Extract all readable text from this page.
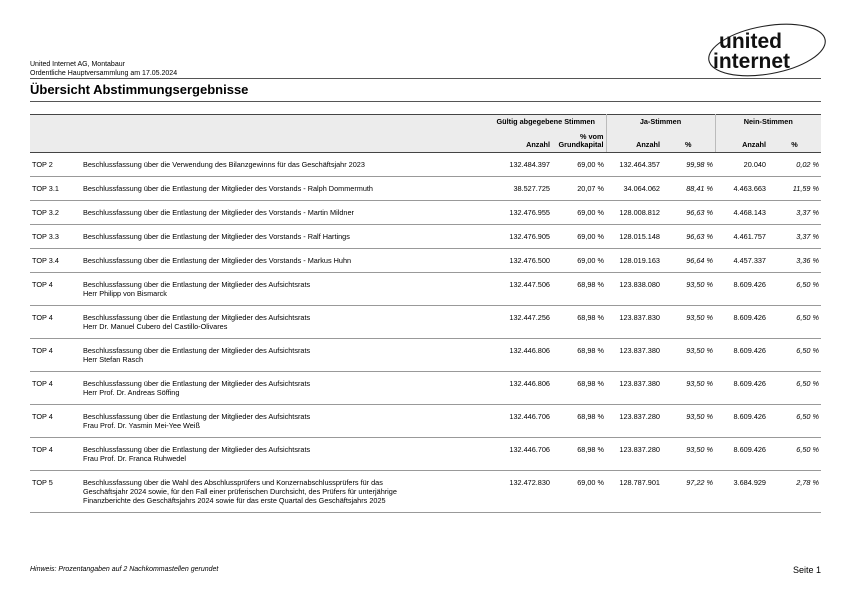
United Internet AG, Montabaur
Ordentliche Hauptversammlung am 17.05.2024
Übersicht Abstimmungsergebnisse
united
internet
		Gültig abgegebene Stimmen		Ja-Stimmen		Nein-Stimmen	
		Anzahl	% vom Grundkapital	Anzahl	%	Anzahl	%
TOP 2	Beschlussfassung über die Verwendung des Bilanzgewinns für das Geschäftsjahr 2023	132.484.397	69,00 %	132.464.357	99,98 %	20.040	0,02 %
TOP 3.1	Beschlussfassung über die Entlastung der Mitglieder des Vorstands - Ralph Dommermuth	38.527.725	20,07 %	34.064.062	88,41 %	4.463.663	11,59 %
TOP 3.2	Beschlussfassung über die Entlastung der Mitglieder des Vorstands - Martin Mildner	132.476.955	69,00 %	128.008.812	96,63 %	4.468.143	3,37 %
TOP 3.3	Beschlussfassung über die Entlastung der Mitglieder des Vorstands - Ralf Hartings	132.476.905	69,00 %	128.015.148	96,63 %	4.461.757	3,37 %
TOP 3.4	Beschlussfassung über die Entlastung der Mitglieder des Vorstands - Markus Huhn	132.476.500	69,00 %	128.019.163	96,64 %	4.457.337	3,36 %
TOP 4	Beschlussfassung über die Entlastung der Mitglieder des Aufsichtsrats
Herr Philipp von Bismarck	132.447.506	68,98 %	123.838.080	93,50 %	8.609.426	6,50 %
TOP 4	Beschlussfassung über die Entlastung der Mitglieder des Aufsichtsrats
Herr Dr. Manuel Cubero del Castillo-Olivares	132.447.256	68,98 %	123.837.830	93,50 %	8.609.426	6,50 %
TOP 4	Beschlussfassung über die Entlastung der Mitglieder des Aufsichtsrats
Herr Stefan Rasch	132.446.806	68,98 %	123.837.380	93,50 %	8.609.426	6,50 %
TOP 4	Beschlussfassung über die Entlastung der Mitglieder des Aufsichtsrats
Herr Prof. Dr. Andreas Söffing	132.446.806	68,98 %	123.837.380	93,50 %	8.609.426	6,50 %
TOP 4	Beschlussfassung über die Entlastung der Mitglieder des Aufsichtsrats
Frau Prof. Dr. Yasmin Mei-Yee Weiß	132.446.706	68,98 %	123.837.280	93,50 %	8.609.426	6,50 %
TOP 4	Beschlussfassung über die Entlastung der Mitglieder des Aufsichtsrats
Frau Prof. Dr. Franca Ruhwedel	132.446.706	68,98 %	123.837.280	93,50 %	8.609.426	6,50 %
TOP 5	Beschlussfassung über die Wahl des Abschlussprüfers und Konzernabschlussprüfers für das
Geschäftsjahr 2024 sowie, für den Fall einer prüferischen Durchsicht, des Prüfers für unterjährige
Finanzberichte des Geschäftsjahrs 2024 sowie für das erste Quartal des Geschäftsjahrs 2025	132.472.830	69,00 %	128.787.901	97,22 %	3.684.929	2,78 %
Hinweis: Prozentangaben auf 2 Nachkommastellen gerundet	Seite 1
